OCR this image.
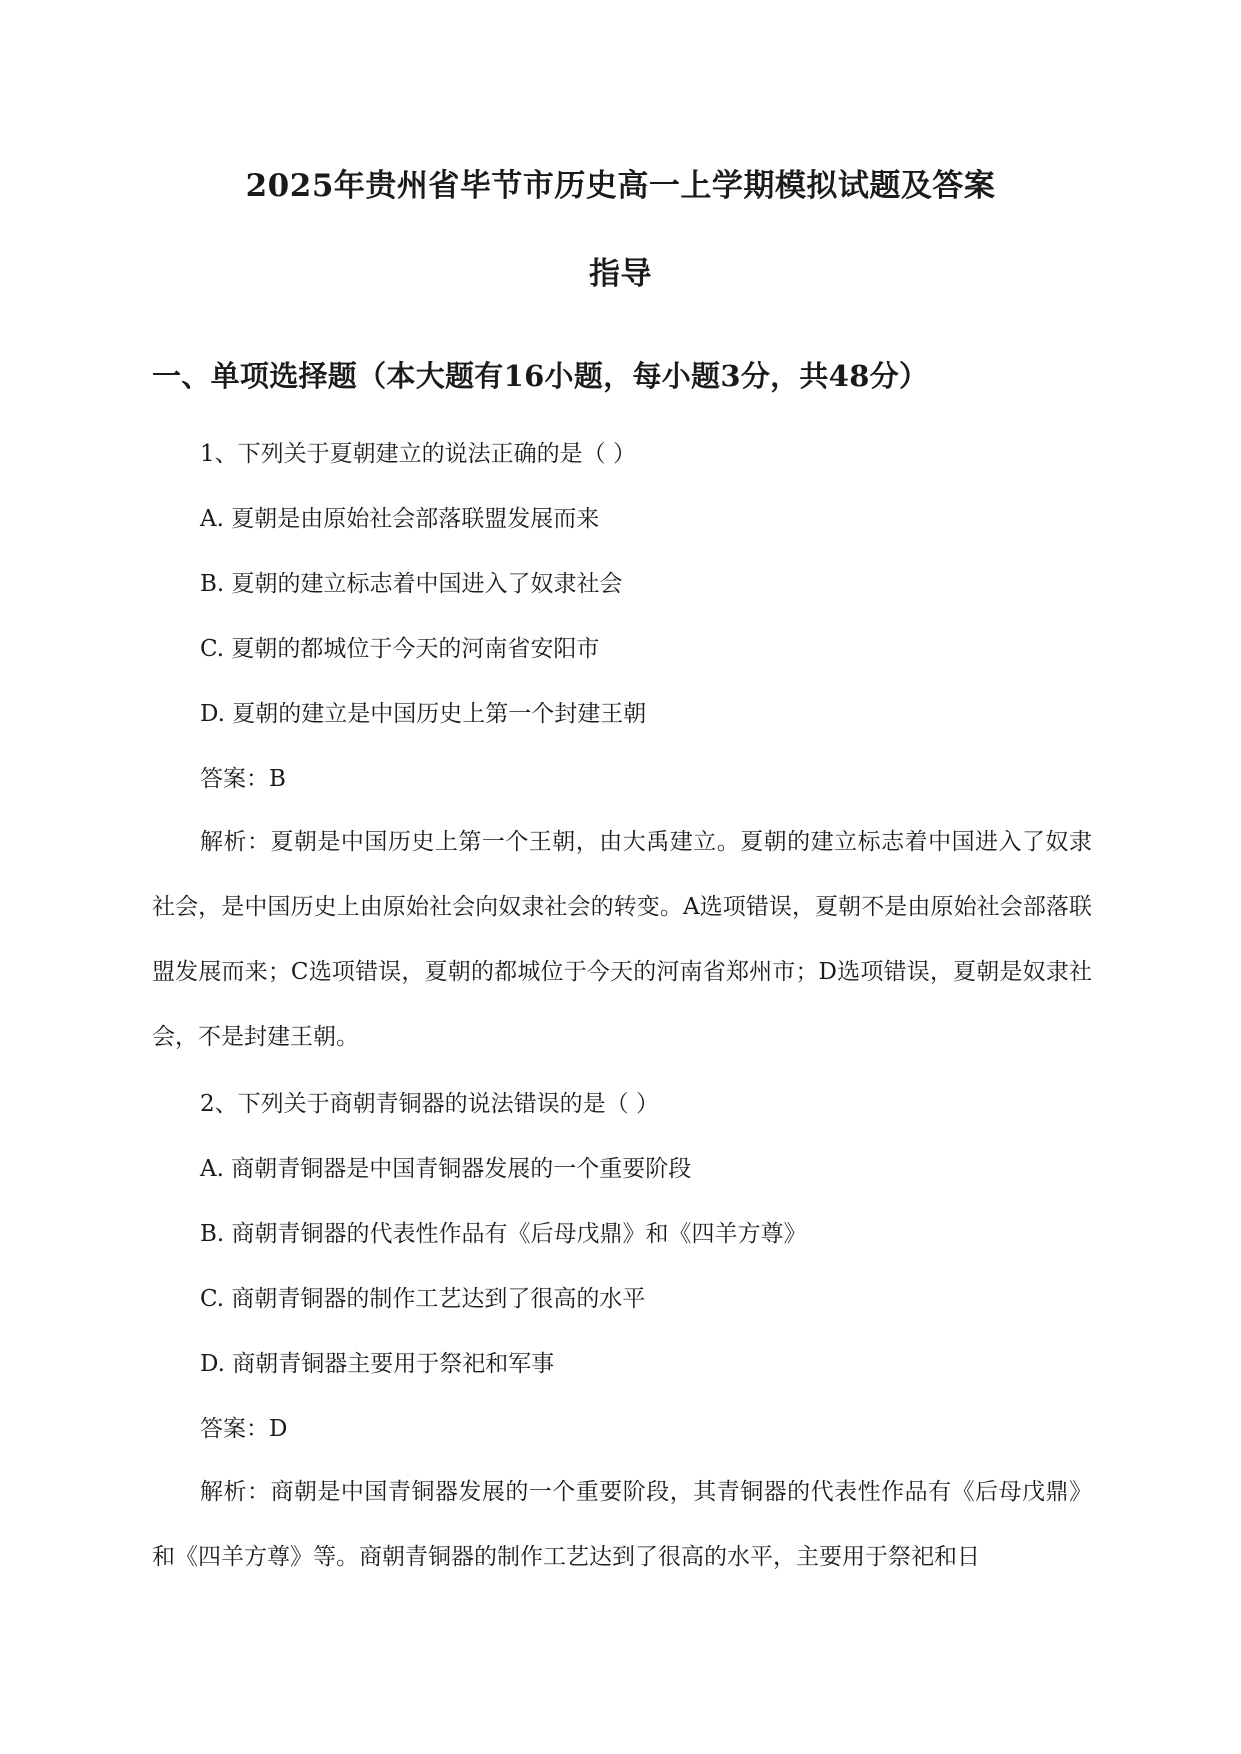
2025年贵州省毕节市历史高一上学期模拟试题及答案
指导
一、单项选择题（本大题有16小题，每小题3分，共48分）
1、下列关于夏朝建立的说法正确的是（ ）
A. 夏朝是由原始社会部落联盟发展而来
B. 夏朝的建立标志着中国进入了奴隶社会
C. 夏朝的都城位于今天的河南省安阳市
D. 夏朝的建立是中国历史上第一个封建王朝
答案：B
解析：夏朝是中国历史上第一个王朝，由大禹建立。夏朝的建立标志着中国进入了奴隶社会，是中国历史上由原始社会向奴隶社会的转变。A选项错误，夏朝不是由原始社会部落联盟发展而来；C选项错误，夏朝的都城位于今天的河南省郑州市；D选项错误，夏朝是奴隶社会，不是封建王朝。
2、下列关于商朝青铜器的说法错误的是（ ）
A. 商朝青铜器是中国青铜器发展的一个重要阶段
B. 商朝青铜器的代表性作品有《后母戊鼎》和《四羊方尊》
C. 商朝青铜器的制作工艺达到了很高的水平
D. 商朝青铜器主要用于祭祀和军事
答案：D
解析：商朝是中国青铜器发展的一个重要阶段，其青铜器的代表性作品有《后母戊鼎》和《四羊方尊》等。商朝青铜器的制作工艺达到了很高的水平，主要用于祭祀和日
